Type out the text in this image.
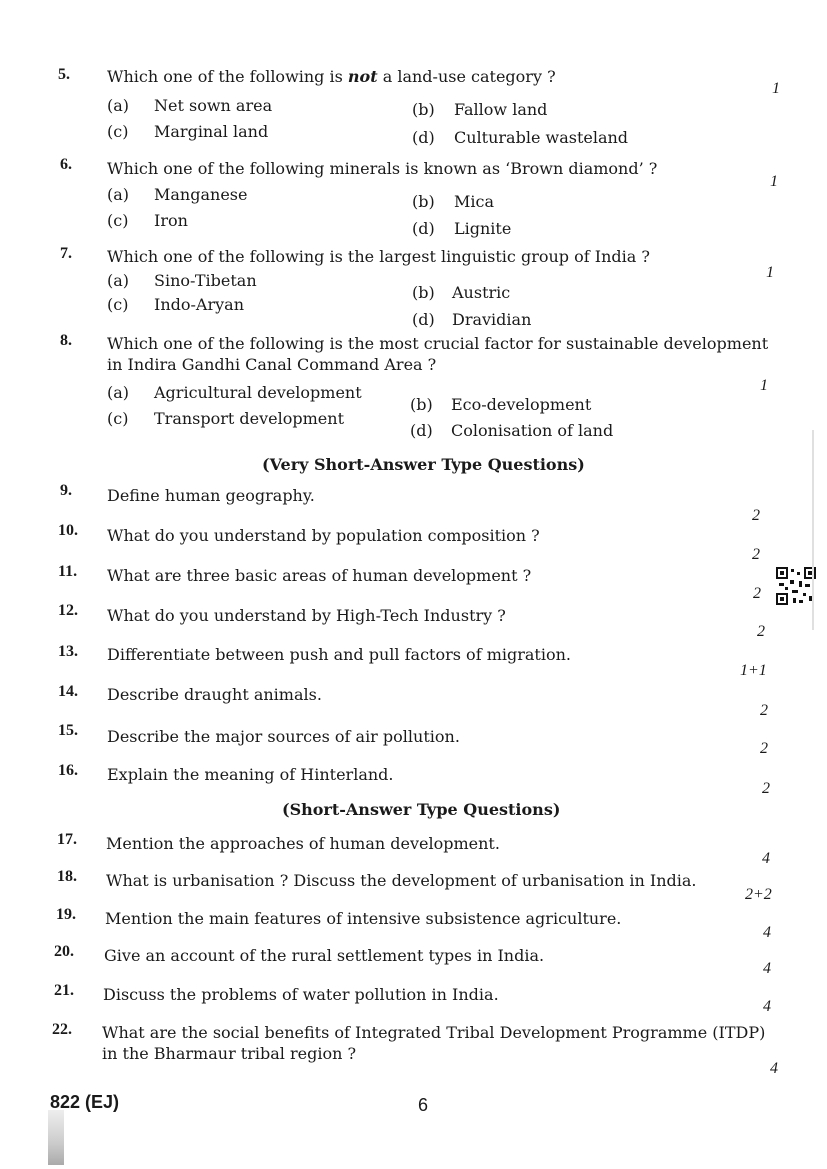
5. Which one of the following is not a land-use category ?
1
(a) Net sown area	(b) Fallow land
(c) Marginal land	(d) Culturable wasteland
6. Which one of the following minerals is known as ‘Brown diamond’ ?
1
(a) Manganese	(b) Mica
(c) Iron	(d) Lignite
7. Which one of the following is the largest linguistic group of India ?
1
(a) Sino-Tibetan
(b) Austric
(c) Indo-Aryan
(d) Dravidian
8. Which one of the following is the most crucial factor for sustainable development
in Indira Gandhi Canal Command Area ?
1
(a) Agricultural development
(b) Eco-development
(c) Transport development
(d) Colonisation of land
(Very Short-Answer Type Questions)
9. Define human geography.
2
10. What do you understand by population composition ?
2
11. What are three basic areas of human development ?
2
12. What do you understand by High-Tech Industry ?
2
13. Differentiate between push and pull factors of migration.
1+1
14. Describe draught animals.
2
15. Describe the major sources of air pollution.
2
16. Explain the meaning of Hinterland.
2
(Short-Answer Type Questions)
17. Mention the approaches of human development.
4
18. What is urbanisation ? Discuss the development of urbanisation in India.
2+2
19. Mention the main features of intensive subsistence agriculture.
4
20. Give an account of the rural settlement types in India.
4
21. Discuss the problems of water pollution in India.
4
22. What are the social benefits of Integrated Tribal Development Programme (ITDP)
in the Bharmaur tribal region ?
4
822 (EJ)	6
